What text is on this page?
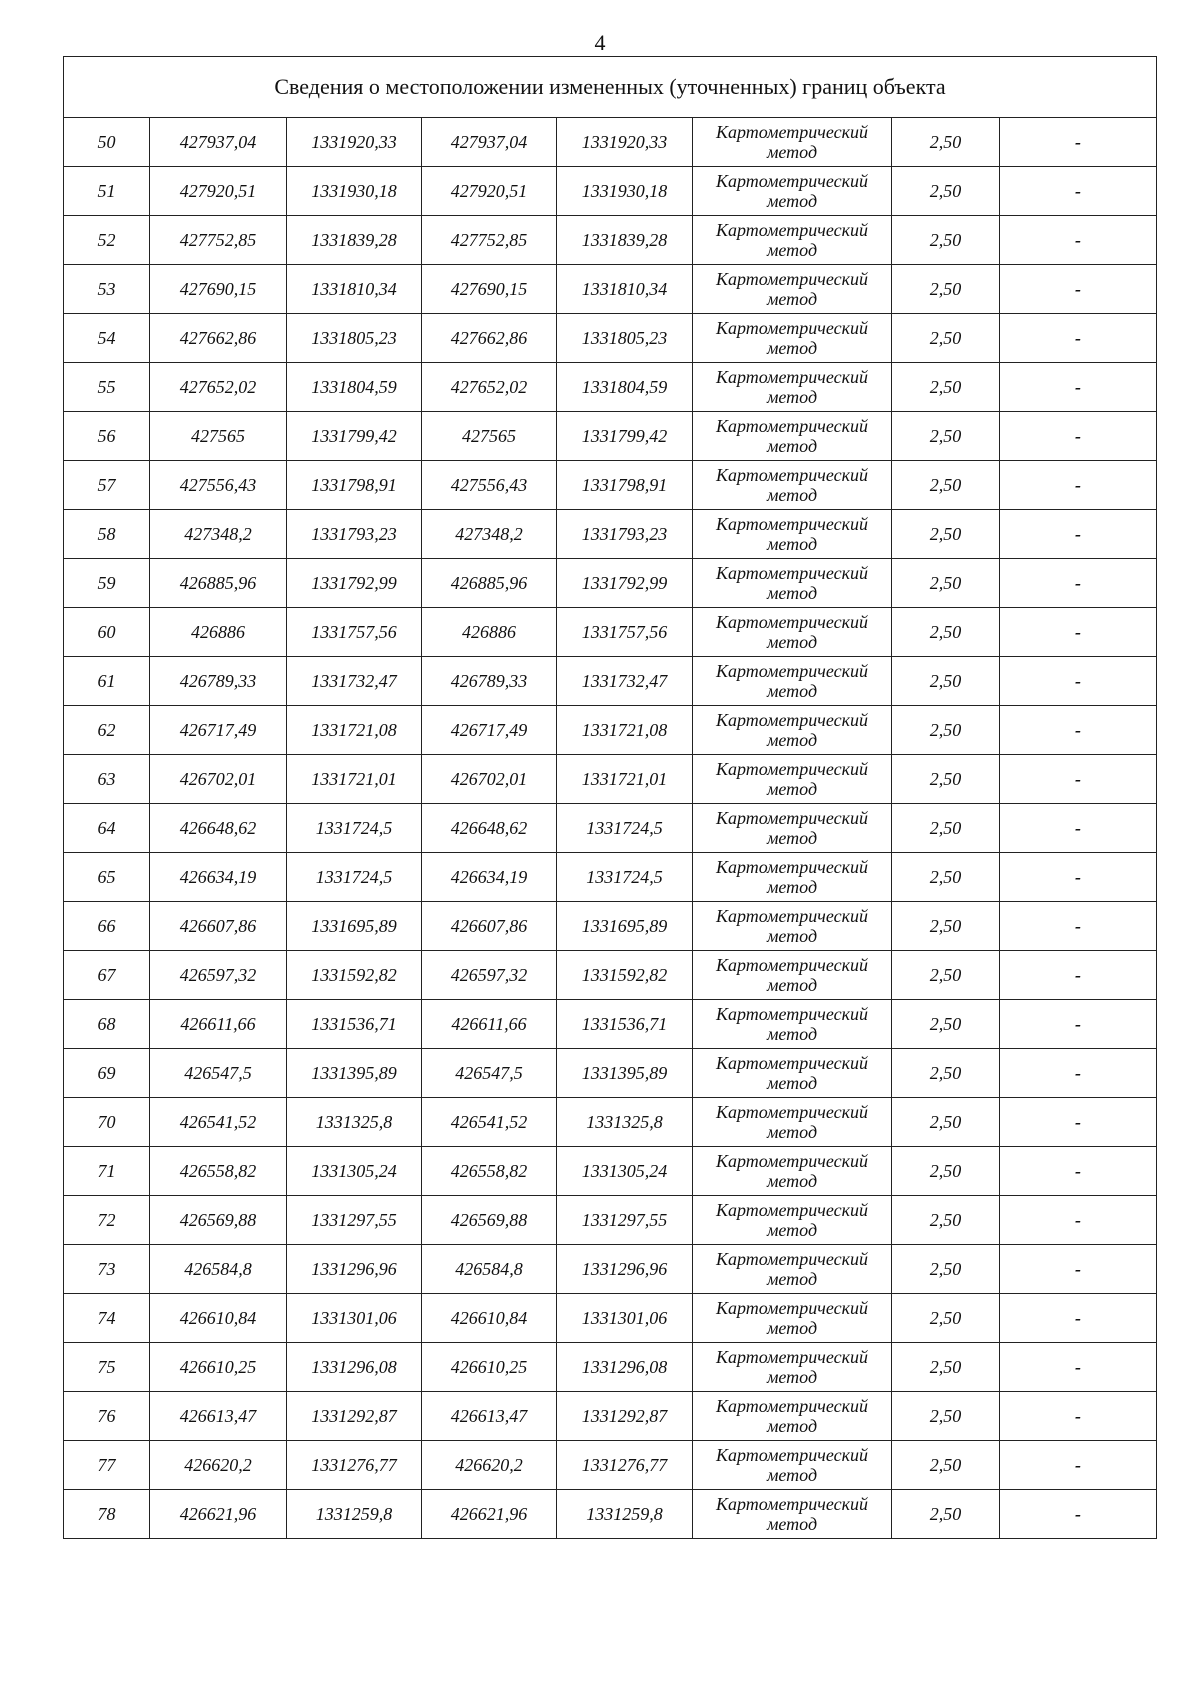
4
Сведения о местоположении измененных (уточненных) границ объекта							
50	427937,04	1331920,33	427937,04	1331920,33	Картометрический
метод	2,50	-
51	427920,51	1331930,18	427920,51	1331930,18	Картометрический
метод	2,50	-
52	427752,85	1331839,28	427752,85	1331839,28	Картометрический
метод	2,50	-
53	427690,15	1331810,34	427690,15	1331810,34	Картометрический
метод	2,50	-
54	427662,86	1331805,23	427662,86	1331805,23	Картометрический
метод	2,50	-
55	427652,02	1331804,59	427652,02	1331804,59	Картометрический
метод	2,50	-
56	427565	1331799,42	427565	1331799,42	Картометрический
метод	2,50	-
57	427556,43	1331798,91	427556,43	1331798,91	Картометрический
метод	2,50	-
58	427348,2	1331793,23	427348,2	1331793,23	Картометрический
метод	2,50	-
59	426885,96	1331792,99	426885,96	1331792,99	Картометрический
метод	2,50	-
60	426886	1331757,56	426886	1331757,56	Картометрический
метод	2,50	-
61	426789,33	1331732,47	426789,33	1331732,47	Картометрический
метод	2,50	-
62	426717,49	1331721,08	426717,49	1331721,08	Картометрический
метод	2,50	-
63	426702,01	1331721,01	426702,01	1331721,01	Картометрический
метод	2,50	-
64	426648,62	1331724,5	426648,62	1331724,5	Картометрический
метод	2,50	-
65	426634,19	1331724,5	426634,19	1331724,5	Картометрический
метод	2,50	-
66	426607,86	1331695,89	426607,86	1331695,89	Картометрический
метод	2,50	-
67	426597,32	1331592,82	426597,32	1331592,82	Картометрический
метод	2,50	-
68	426611,66	1331536,71	426611,66	1331536,71	Картометрический
метод	2,50	-
69	426547,5	1331395,89	426547,5	1331395,89	Картометрический
метод	2,50	-
70	426541,52	1331325,8	426541,52	1331325,8	Картометрический
метод	2,50	-
71	426558,82	1331305,24	426558,82	1331305,24	Картометрический
метод	2,50	-
72	426569,88	1331297,55	426569,88	1331297,55	Картометрический
метод	2,50	-
73	426584,8	1331296,96	426584,8	1331296,96	Картометрический
метод	2,50	-
74	426610,84	1331301,06	426610,84	1331301,06	Картометрический
метод	2,50	-
75	426610,25	1331296,08	426610,25	1331296,08	Картометрический
метод	2,50	-
76	426613,47	1331292,87	426613,47	1331292,87	Картометрический
метод	2,50	-
77	426620,2	1331276,77	426620,2	1331276,77	Картометрический
метод	2,50	-
78	426621,96	1331259,8	426621,96	1331259,8	Картометрический
метод	2,50	-
